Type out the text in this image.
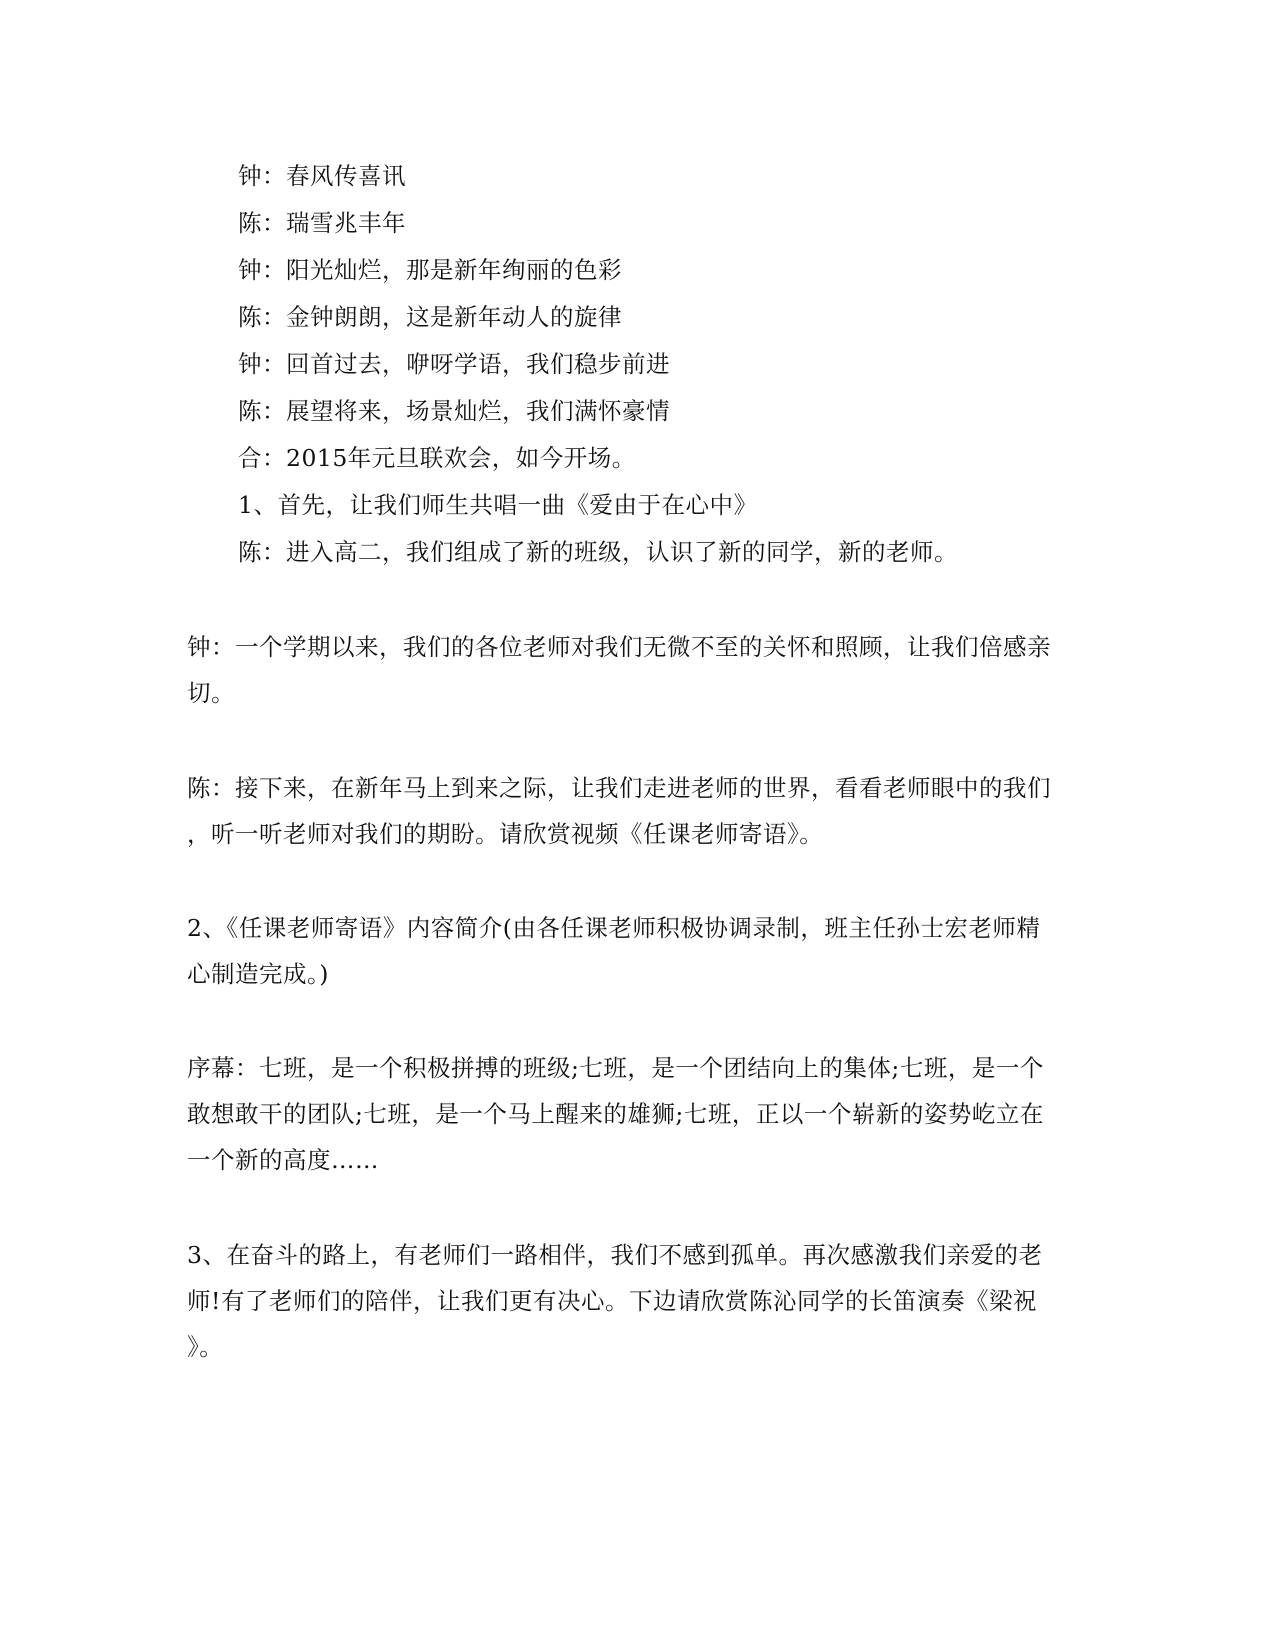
钟：春风传喜讯
陈：瑞雪兆丰年
钟：阳光灿烂，那是新年绚丽的色彩
陈：金钟朗朗，这是新年动人的旋律
钟：回首过去，咿呀学语，我们稳步前进
陈：展望将来，场景灿烂，我们满怀豪情
合：2015年元旦联欢会，如今开场。
1、首先，让我们师生共唱一曲《爱由于在心中》
陈：进入高二，我们组成了新的班级，认识了新的同学，新的老师。
钟：一个学期以来，我们的各位老师对我们无微不至的关怀和照顾，让我们倍感亲
切。
陈：接下来，在新年马上到来之际，让我们走进老师的世界，看看老师眼中的我们
，听一听老师对我们的期盼。请欣赏视频《任课老师寄语》。
2、《任课老师寄语》内容简介(由各任课老师积极协调录制，班主任孙士宏老师精
心制造完成。)
序幕：七班，是一个积极拼搏的班级;七班，是一个团结向上的集体;七班，是一个
敢想敢干的团队;七班，是一个马上醒来的雄狮;七班，正以一个崭新的姿势屹立在
一个新的高度……
3、在奋斗的路上，有老师们一路相伴，我们不感到孤单。再次感激我们亲爱的老
师!有了老师们的陪伴，让我们更有决心。下边请欣赏陈沁同学的长笛演奏《梁祝
》。
